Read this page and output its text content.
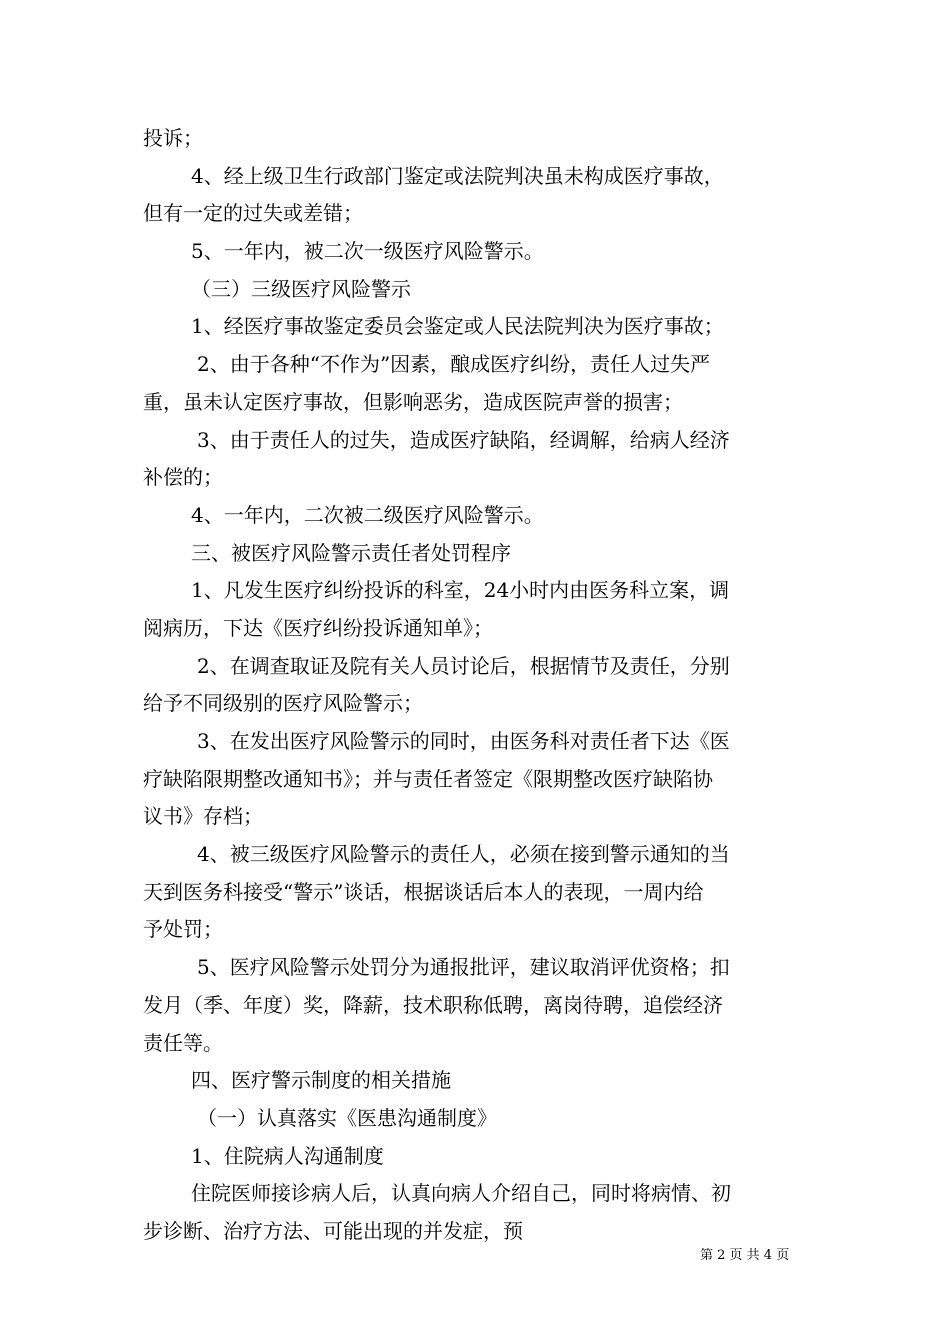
投诉；
4、经上级卫生行政部门鉴定或法院判决虽未构成医疗事故，
但有一定的过失或差错；
5、一年内，被二次一级医疗风险警示。
（三）三级医疗风险警示
1、经医疗事故鉴定委员会鉴定或人民法院判决为医疗事故；
2、由于各种“不作为”因素，酿成医疗纠纷，责任人过失严
重，虽未认定医疗事故，但影响恶劣，造成医院声誉的损害；
3、由于责任人的过失，造成医疗缺陷，经调解，给病人经济
补偿的；
4、一年内，二次被二级医疗风险警示。
三、被医疗风险警示责任者处罚程序
1、凡发生医疗纠纷投诉的科室，24小时内由医务科立案，调
阅病历，下达《医疗纠纷投诉通知单》；
2、在调查取证及院有关人员讨论后，根据情节及责任，分别
给予不同级别的医疗风险警示；
3、在发出医疗风险警示的同时，由医务科对责任者下达《医
疗缺陷限期整改通知书》；并与责任者签定《限期整改医疗缺陷协
议书》存档；
4、被三级医疗风险警示的责任人，必须在接到警示通知的当
天到医务科接受“警示”谈话，根据谈话后本人的表现，一周内给
予处罚；
5、医疗风险警示处罚分为通报批评，建议取消评优资格；扣
发月（季、年度）奖，降薪，技术职称低聘，离岗待聘，追偿经济
责任等。
四、医疗警示制度的相关措施
（一）认真落实《医患沟通制度》
1、住院病人沟通制度
住院医师接诊病人后，认真向病人介绍自己，同时将病情、初
步诊断、治疗方法、可能出现的并发症，预
第 2 页 共 4 页
